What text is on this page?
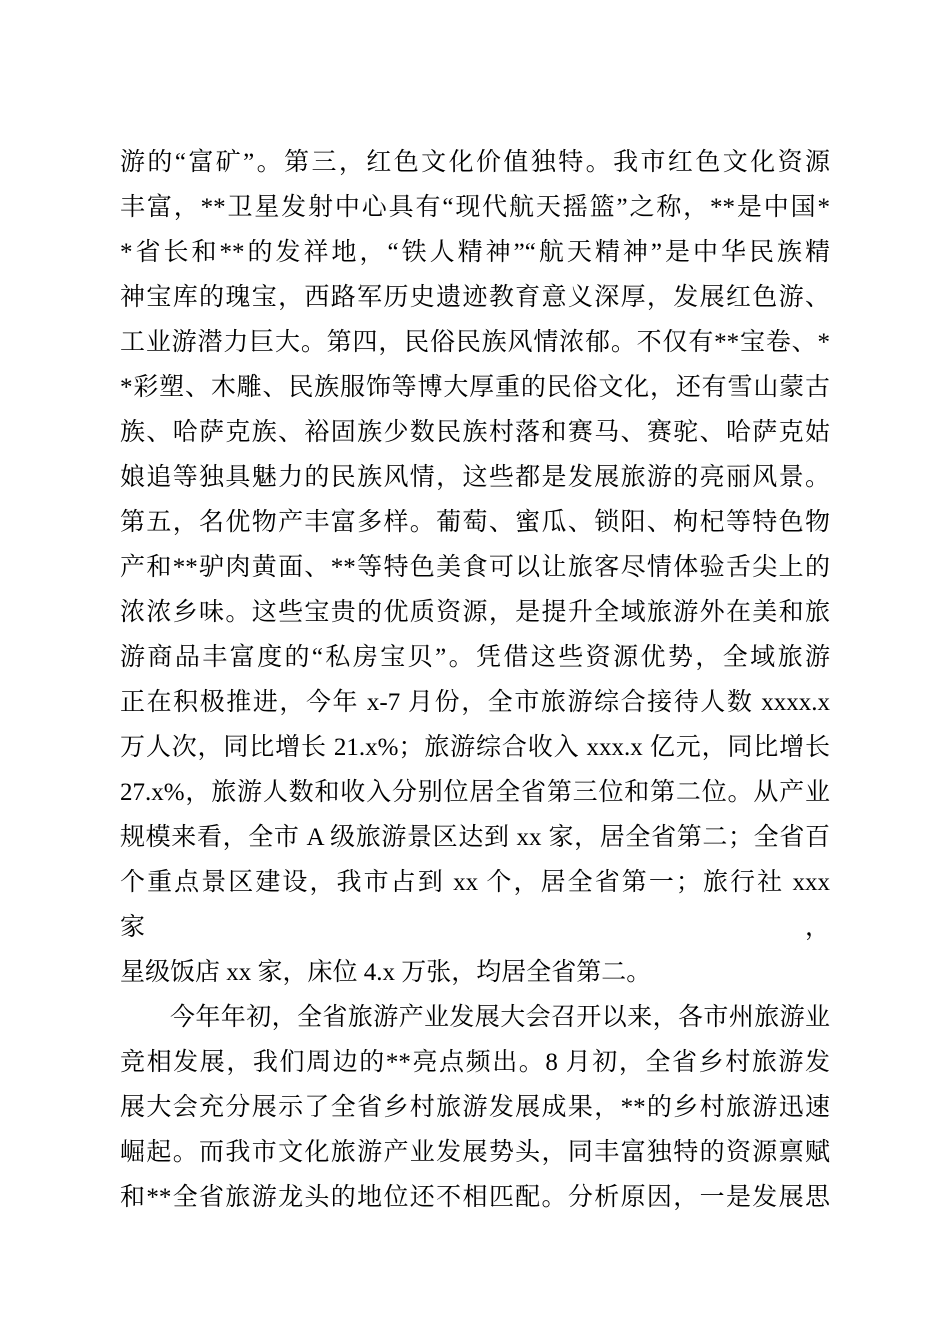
游的“富矿”。第三，红色文化价值独特。我市红色文化资源
丰富，**卫星发射中心具有“现代航天摇篮”之称，**是中国*
*省长和**的发祥地，“铁人精神”“航天精神”是中华民族精
神宝库的瑰宝，西路军历史遗迹教育意义深厚，发展红色游、
工业游潜力巨大。第四，民俗民族风情浓郁。不仅有**宝卷、*
*彩塑、木雕、民族服饰等博大厚重的民俗文化，还有雪山蒙古
族、哈萨克族、裕固族少数民族村落和赛马、赛驼、哈萨克姑
娘追等独具魅力的民族风情，这些都是发展旅游的亮丽风景。
第五，名优物产丰富多样。葡萄、蜜瓜、锁阳、枸杞等特色物
产和**驴肉黄面、**等特色美食可以让旅客尽情体验舌尖上的
浓浓乡味。这些宝贵的优质资源，是提升全域旅游外在美和旅
游商品丰富度的“私房宝贝”。凭借这些资源优势，全域旅游
正在积极推进，今年 x-7 月份，全市旅游综合接待人数 xxxx.x
万人次，同比增长 21.x%；旅游综合收入 xxx.x 亿元，同比增长
27.x%，旅游人数和收入分别位居全省第三位和第二位。从产业
规模来看，全市 A 级旅游景区达到 xx 家，居全省第二；全省百
个重点景区建设，我市占到 xx 个，居全省第一；旅行社 xxx 家，
星级饭店 xx 家，床位 4.x 万张，均居全省第二。
今年年初，全省旅游产业发展大会召开以来，各市州旅游业
竞相发展，我们周边的**亮点频出。8 月初，全省乡村旅游发
展大会充分展示了全省乡村旅游发展成果，**的乡村旅游迅速
崛起。而我市文化旅游产业发展势头，同丰富独特的资源禀赋
和**全省旅游龙头的地位还不相匹配。分析原因，一是发展思
